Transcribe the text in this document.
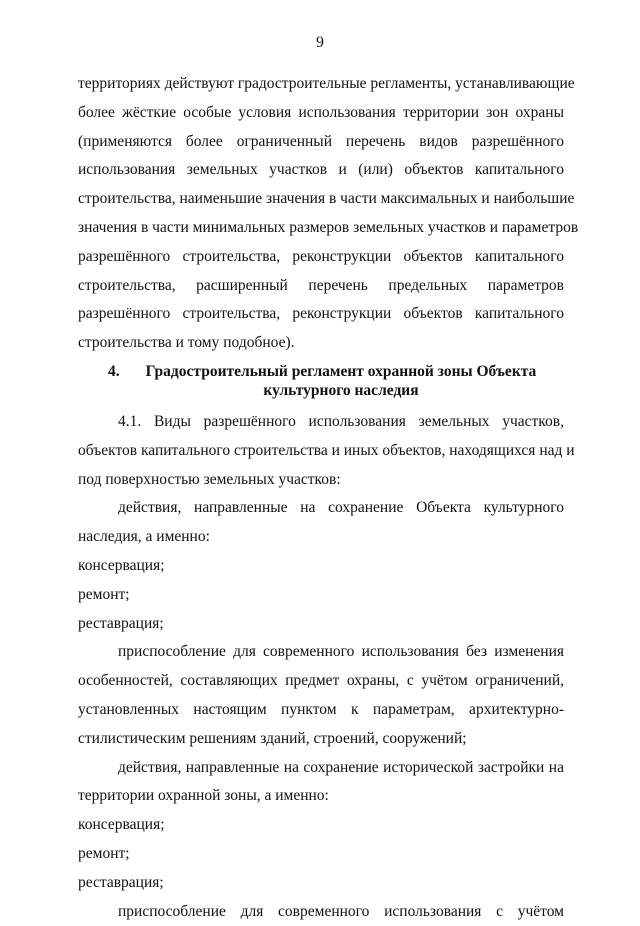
9
территориях действуют градостроительные регламенты, устанавливающие
более жёсткие особые условия использования территории зон охраны
(применяются более ограниченный перечень видов разрешённого
использования земельных участков и (или) объектов капитального
строительства, наименьшие значения в части максимальных и наибольшие
значения в части минимальных размеров земельных участков и параметров
разрешённого строительства, реконструкции объектов капитального
строительства, расширенный перечень предельных параметров
разрешённого строительства, реконструкции объектов капитального
строительства и тому подобное).
4.	Градостроительный регламент охранной зоны Объекта
культурного наследия
4.1. Виды разрешённого использования земельных участков,
объектов капитального строительства и иных объектов, находящихся над и
под поверхностью земельных участков:
действия, направленные на сохранение Объекта культурного
наследия, а именно:
консервация;
ремонт;
реставрация;
приспособление для современного использования без изменения
особенностей, составляющих предмет охраны, с учётом ограничений,
установленных настоящим пунктом к параметрам, архитектурно-
стилистическим решениям зданий, строений, сооружений;
действия, направленные на сохранение исторической застройки на
территории охранной зоны, а именно:
консервация;
ремонт;
реставрация;
приспособление для современного использования с учётом
